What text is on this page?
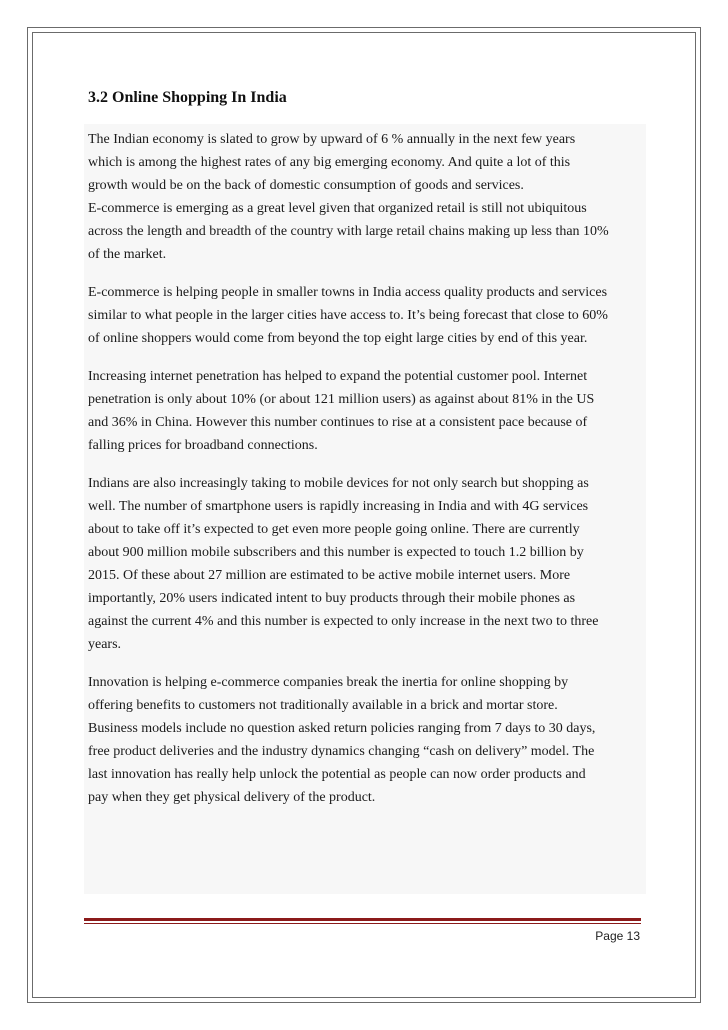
3.2 Online Shopping In India

The Indian economy is slated to grow by upward of 6 % annually in the next few years
which is among the highest rates of any big emerging economy. And quite a lot of this
growth would be on the back of domestic consumption of goods and services.

E-commerce is emerging as a great level given that organized retail is still not ubiquitous
across the length and breadth of the country with large retail chains making up less than 10%
of the market.

E-commerce is helping people in smaller towns in India access quality products and services
similar to what people in the larger cities have access to. It’s being forecast that close to 60%
of online shoppers would come from beyond the top eight large cities by end of this year.

Increasing internet penetration has helped to expand the potential customer pool. Internet
penetration is only about 10% (or about 121 million users) as against about 81% in the US
and 36% in China. However this number continues to rise at a consistent pace because of
falling prices for broadband connections.

Indians are also increasingly taking to mobile devices for not only search but shopping as
well. The number of smartphone users is rapidly increasing in India and with 4G services
about to take off it’s expected to get even more people going online. There are currently
about 900 million mobile subscribers and this number is expected to touch 1.2 billion by
2015. Of these about 27 million are estimated to be active mobile internet users. More
importantly, 20% users indicated intent to buy products through their mobile phones as
against the current 4% and this number is expected to only increase in the next two to three
years.

Innovation is helping e-commerce companies break the inertia for online shopping by
offering benefits to customers not traditionally available in a brick and mortar store.
Business models include no question asked return policies ranging from 7 days to 30 days,
free product deliveries and the industry dynamics changing “cash on delivery” model. The
last innovation has really help unlock the potential as people can now order products and
pay when they get physical delivery of the product.

Page 13
